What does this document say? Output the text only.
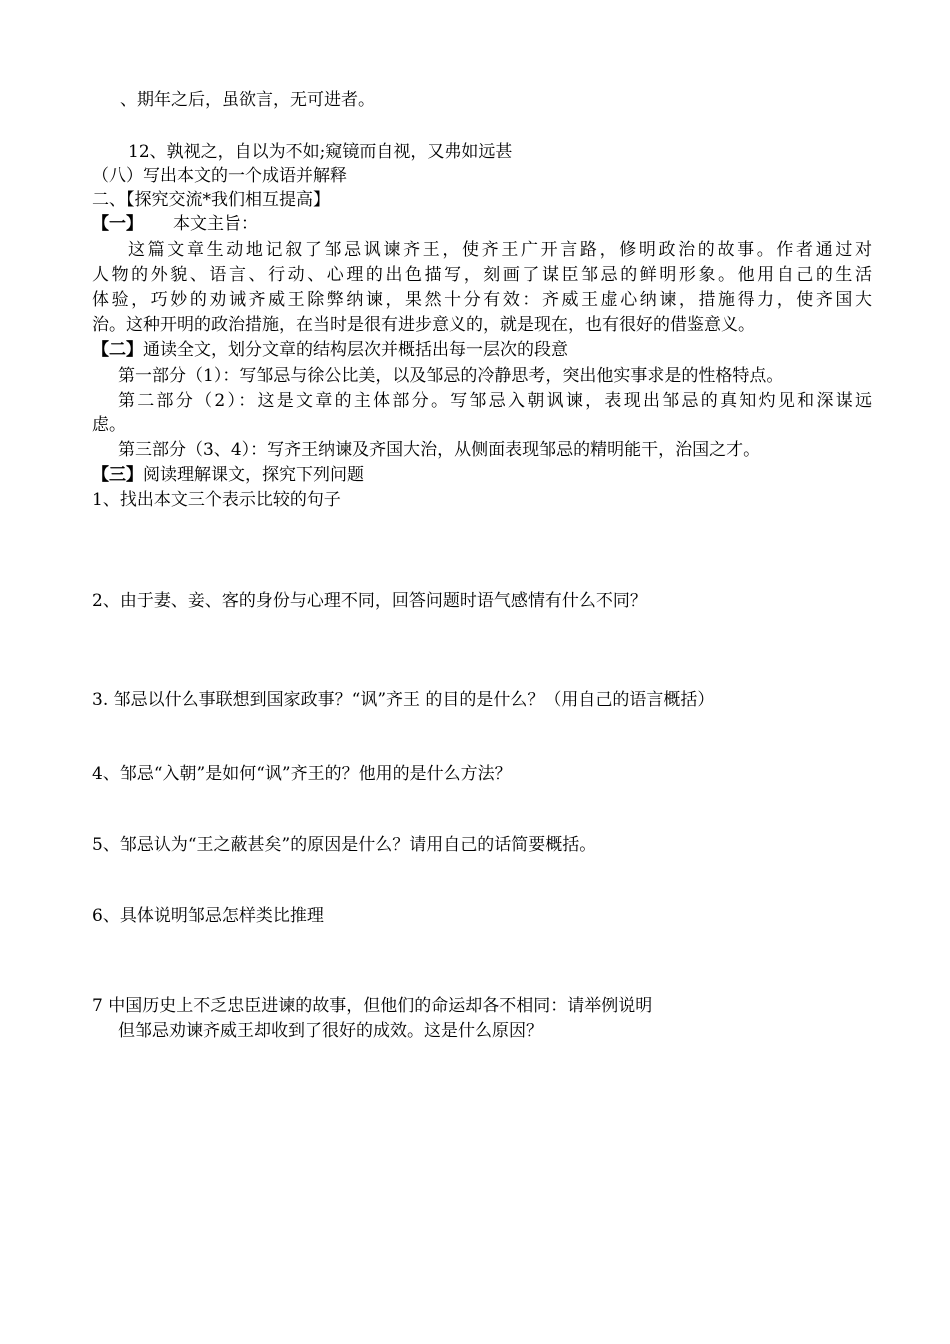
、期年之后，虽欲言，无可进者。
12、孰视之，自以为不如;窥镜而自视，又弗如远甚
（八）写出本文的一个成语并解释
二、【探究交流*我们相互提高】
【一】 本文主旨：
这篇文章生动地记叙了邹忌讽谏齐王，使齐王广开言路，修明政治的故事。作者通过对
人物的外貌、语言、行动、心理的出色描写，刻画了谋臣邹忌的鲜明形象。他用自己的生活
体验，巧妙的劝诫齐威王除弊纳谏，果然十分有效：齐威王虚心纳谏，措施得力，使齐国大
治。这种开明的政治措施，在当时是很有进步意义的，就是现在，也有很好的借鉴意义。
【二】通读全文，划分文章的结构层次并概括出每一层次的段意
第一部分（1）：写邹忌与徐公比美，以及邹忌的冷静思考，突出他实事求是的性格特点。
第二部分（2）：这是文章的主体部分。写邹忌入朝讽谏，表现出邹忌的真知灼见和深谋远
虑。
第三部分（3、4）：写齐王纳谏及齐国大治，从侧面表现邹忌的精明能干，治国之才。
【三】阅读理解课文，探究下列问题
1、找出本文三个表示比较的句子
2、由于妻、妾、客的身份与心理不同，回答问题时语气感情有什么不同？
3. 邹忌以什么事联想到国家政事？“讽”齐王 的目的是什么？（用自己的语言概括）
4、邹忌“入朝”是如何“讽”齐王的？他用的是什么方法？
5、邹忌认为“王之蔽甚矣”的原因是什么？请用自己的话简要概括。
6、具体说明邹忌怎样类比推理
7 中国历史上不乏忠臣进谏的故事，但他们的命运却各不相同：请举例说明
但邹忌劝谏齐威王却收到了很好的成效。这是什么原因？
